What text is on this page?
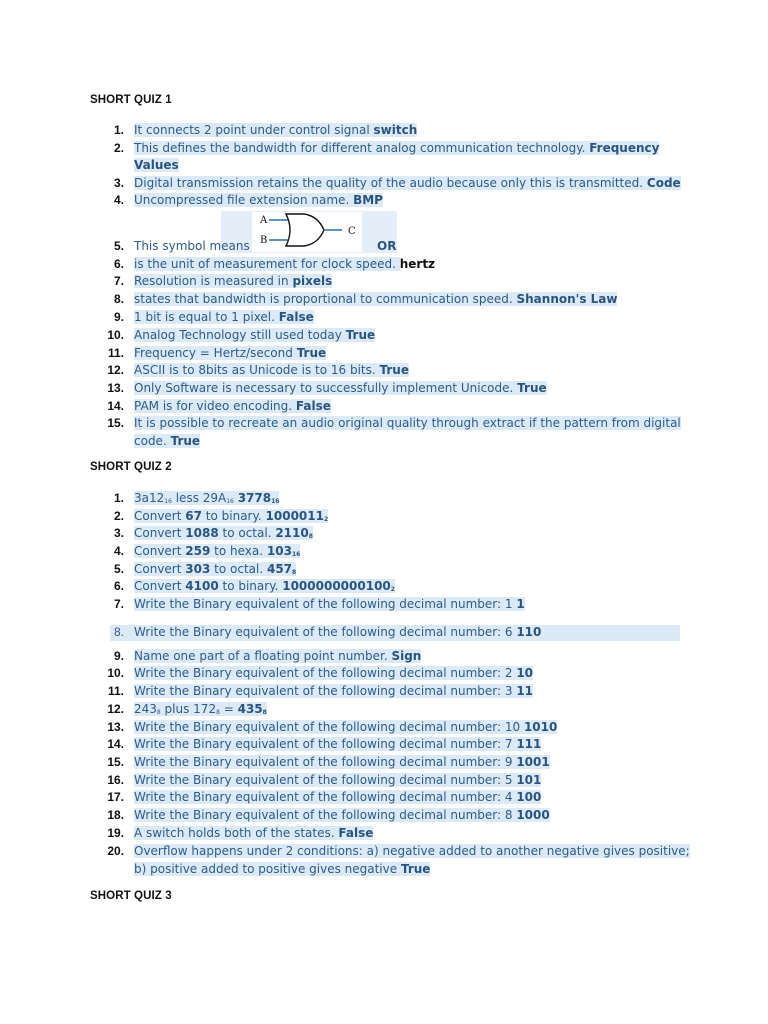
SHORT QUIZ 1
1. It connects 2 point under control signal switch
2. This defines the bandwidth for different analog communication technology. Frequency
Values
3. Digital transmission retains the quality of the audio because only this is transmitted. Code
4. Uncompressed file extension name. BMP
A
B
C
5. This symbol means	OR
6. is the unit of measurement for clock speed. hertz
7. Resolution is measured in pixels
8. states that bandwidth is proportional to communication speed. Shannon's Law
9. 1 bit is equal to 1 pixel. False
10. Analog Technology still used today True
11. Frequency = Hertz/second True
12. ASCII is to 8bits as Unicode is to 16 bits. True
13. Only Software is necessary to successfully implement Unicode. True
14. PAM is for video encoding. False
15. It is possible to recreate an audio original quality through extract if the pattern from digital
code. True
SHORT QUIZ 2
1. $3a12_{16}$ less $29A_{16}$ $3778_{16}$
2. Convert 67 to binary. $1000011_2$
3. Convert 1088 to octal. $2110_8$
4. Convert 259 to hexa. $103_{16}$
5. Convert 303 to octal. $457_8$
6. Convert 4100 to binary. $1000000000100_2$
7. Write the Binary equivalent of the following decimal number: 1 1
8. Write the Binary equivalent of the following decimal number: 6 110
9. Name one part of a floating point number. Sign
10. Write the Binary equivalent of the following decimal number: 2 10
11. Write the Binary equivalent of the following decimal number: 3 11
12. $243_8$ plus $172_8 = 435_8$
13. Write the Binary equivalent of the following decimal number: 10 1010
14. Write the Binary equivalent of the following decimal number: 7 111
15. Write the Binary equivalent of the following decimal number: 9 1001
16. Write the Binary equivalent of the following decimal number: 5 101
17. Write the Binary equivalent of the following decimal number: 4 100
18. Write the Binary equivalent of the following decimal number: 8 1000
19. A switch holds both of the states. False
20. Overflow happens under 2 conditions: a) negative added to another negative gives positive;
b) positive added to positive gives negative True
SHORT QUIZ 3
